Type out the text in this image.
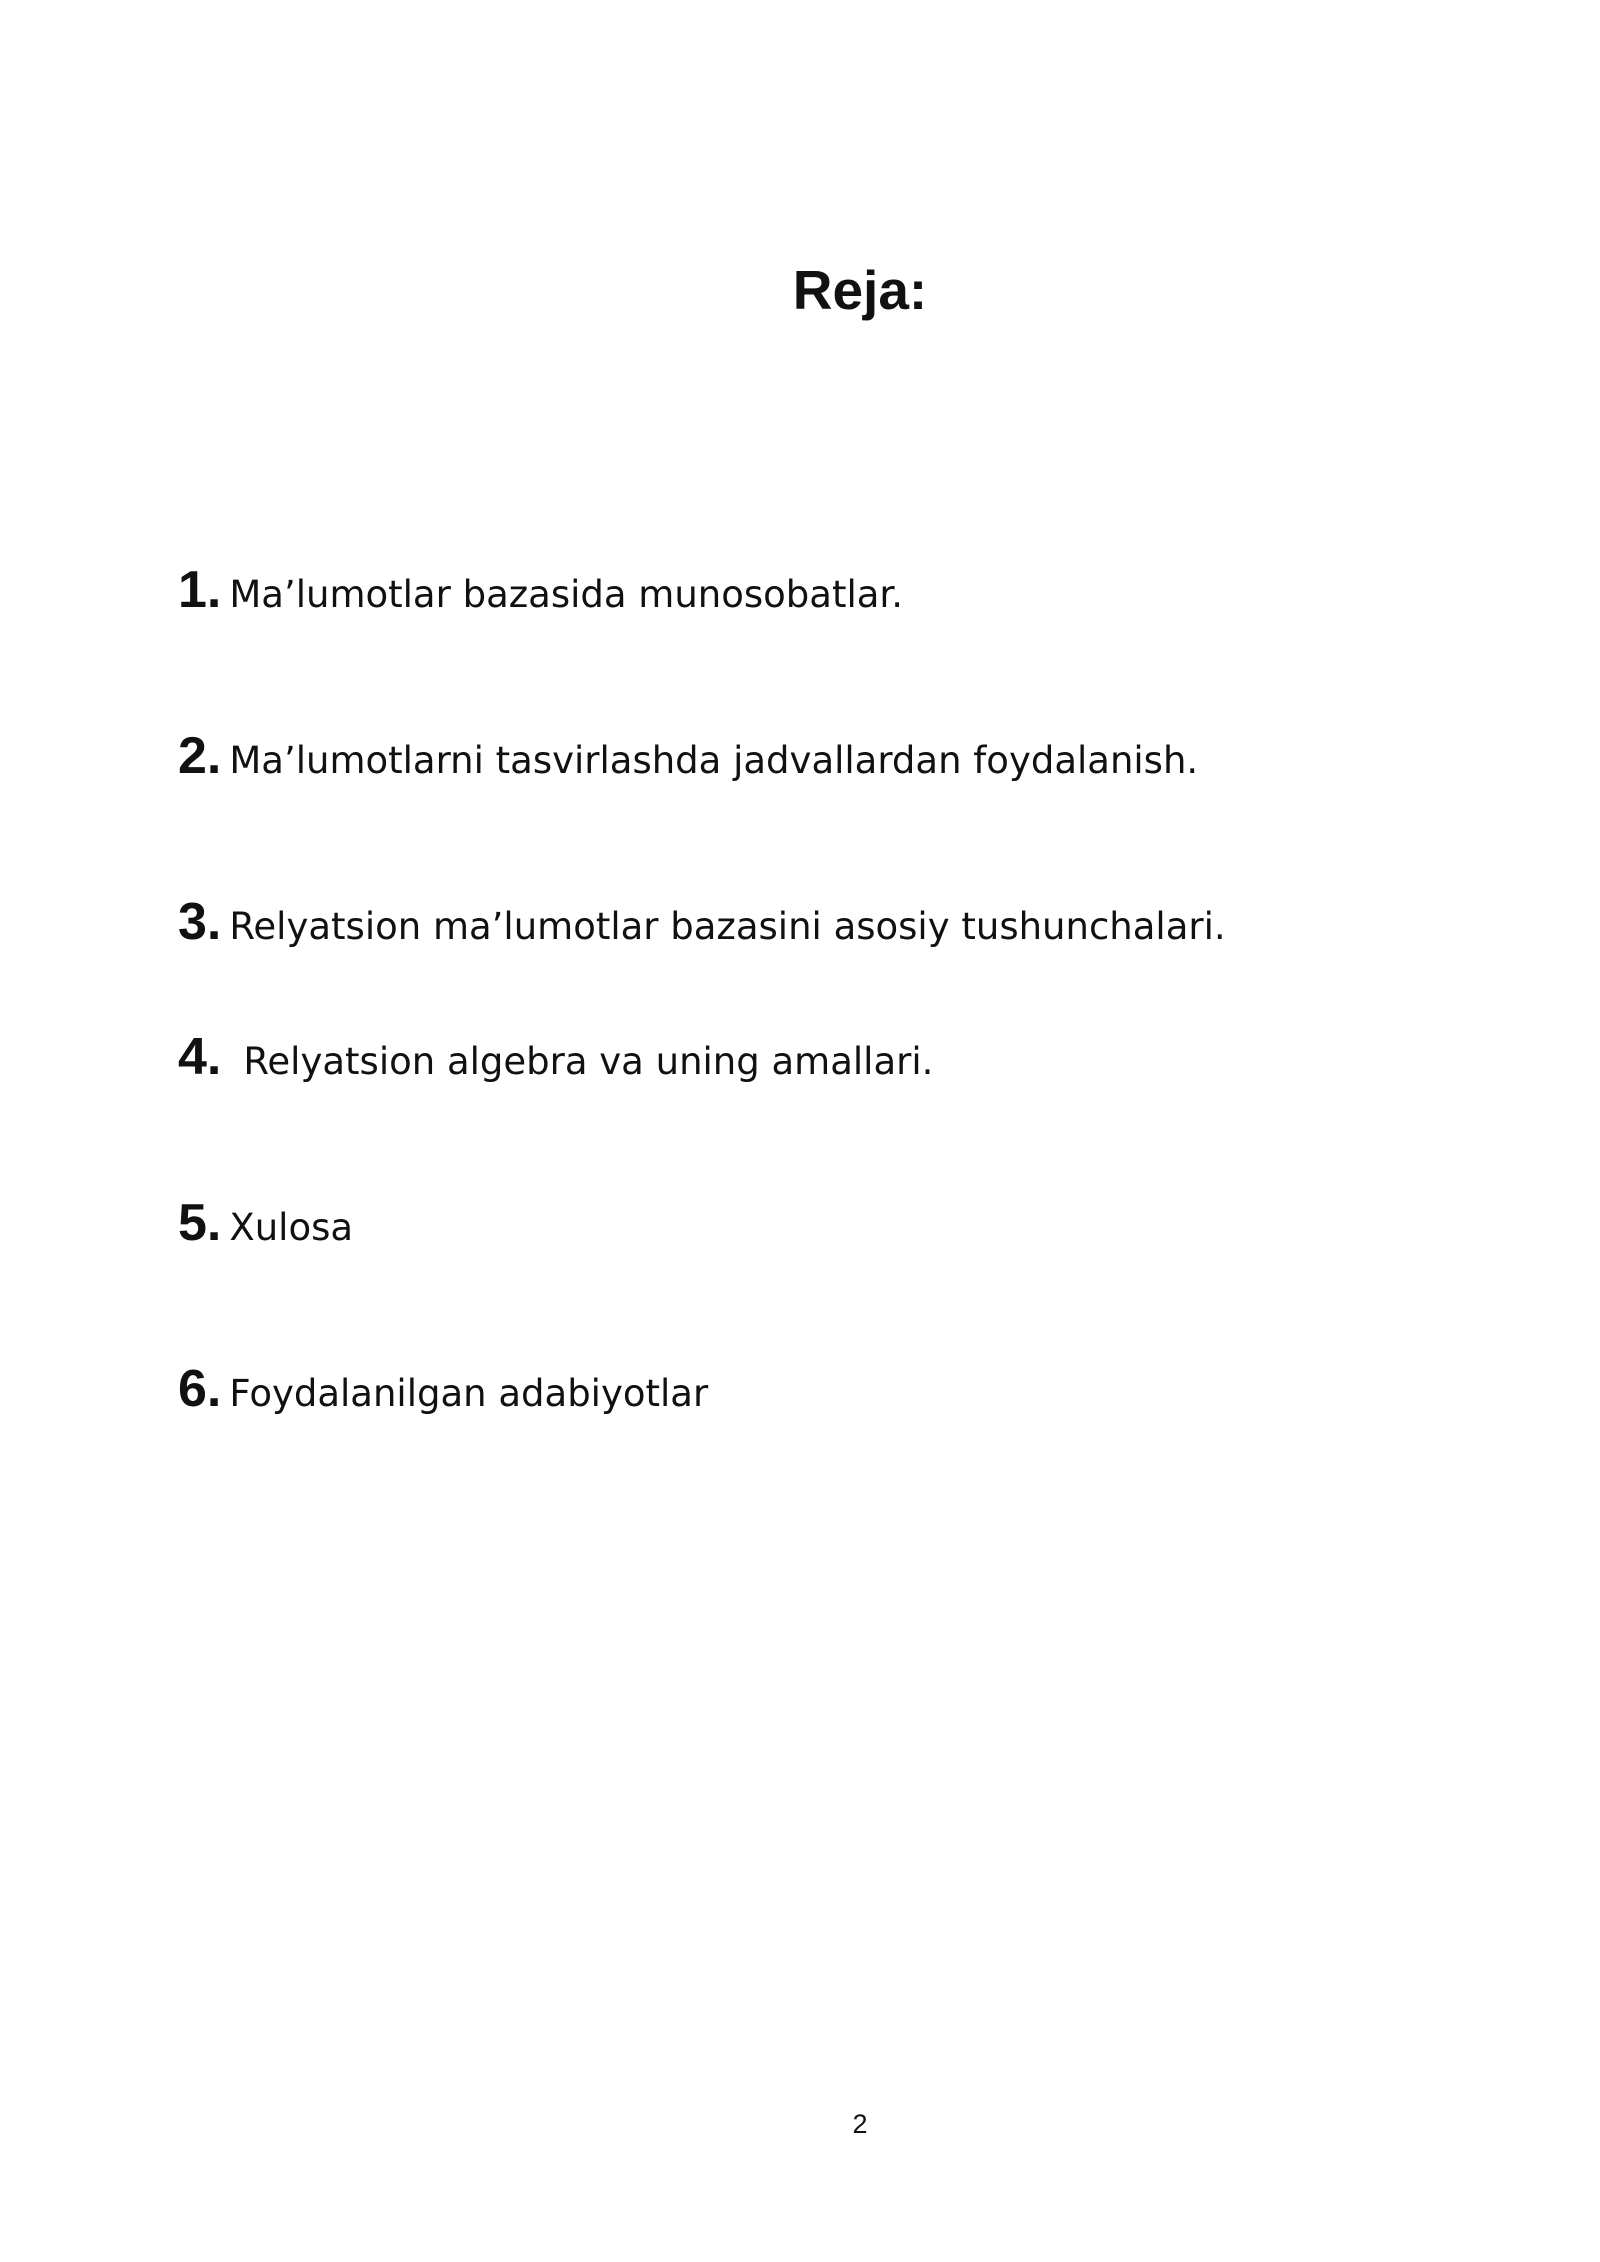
Reja:
1. Ma’lumotlar bazasida munosobatlar.
2. Ma’lumotlarni tasvirlashda jadvallardan foydalanish.
3. Relyatsion ma’lumotlar bazasini asosiy tushunchalari.
4. Relyatsion algebra va uning amallari.
5. Xulosa
6. Foydalanilgan adabiyotlar
2
